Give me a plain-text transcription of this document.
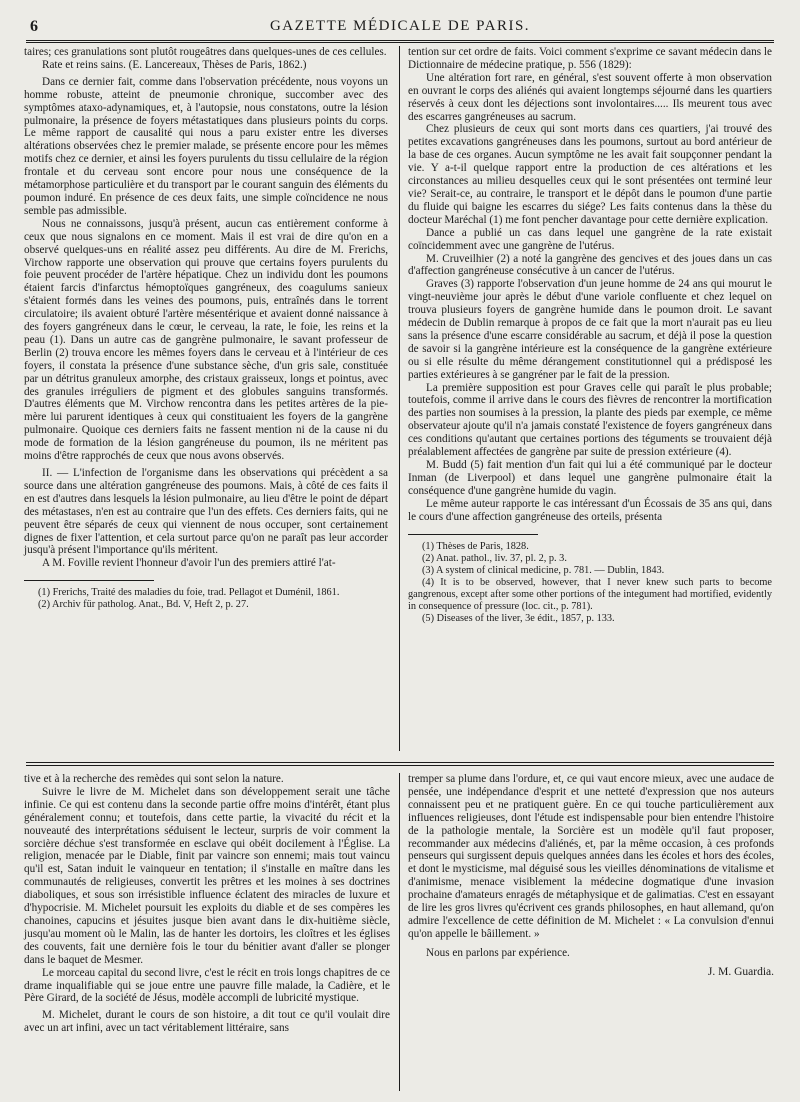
6	GAZETTE MÉDICALE DE PARIS.

taires; ces granulations sont plutôt rougeâtres dans quelques-unes de ces cellules.

Rate et reins sains. (E. Lancereaux, Thèses de Paris, 1862.)

Dans ce dernier fait, comme dans l'observation précédente, nous voyons un homme robuste, atteint de pneumonie chronique, succomber avec des symptômes ataxo-adynamiques, et, à l'autopsie, nous constatons, outre la lésion pulmonaire, la présence de foyers métastatiques dans plusieurs points du corps. Le même rapport de causalité qui nous a paru exister entre les diverses altérations observées chez le premier malade, se présente encore pour les mêmes motifs chez ce dernier, et ainsi les foyers purulents du tissu cellulaire de la région frontale et du cerveau sont encore pour nous une conséquence de la métamorphose particulière et du transport par le courant sanguin des éléments du poumon induré. En présence de ces deux faits, une simple coïncidence ne nous semble pas admissible.

Nous ne connaissons, jusqu'à présent, aucun cas entièrement conforme à ceux que nous signalons en ce moment. Mais il est vrai de dire qu'on en a observé quelques-uns en réalité assez peu différents. Au dire de M. Frerichs, Virchow rapporte une observation qui prouve que certains foyers purulents du foie peuvent procéder de l'artère hépatique. Chez un individu dont les poumons étaient farcis d'infarctus hémoptoïques gangréneux, des coagulums sanieux s'étaient formés dans les veines des poumons, puis, entraînés dans le torrent circulatoire; ils avaient obturé l'artère mésentérique et avaient donné naissance à des foyers gangréneux dans le cœur, le cerveau, la rate, le foie, les reins et la peau (1). Dans un autre cas de gangrène pulmonaire, le savant professeur de Berlin (2) trouva encore les mêmes foyers dans le cerveau et à l'intérieur de ces foyers, il constata la présence d'une substance sèche, d'un gris sale, constituée par un détritus granuleux amorphe, des cristaux graisseux, longs et pointus, avec des granules irréguliers de pigment et des globules sanguins transformés. D'autres éléments que M. Virchow rencontra dans les petites artères de la pie-mère lui parurent identiques à ceux qui constituaient les foyers de la gangrène pulmonaire. Quoique ces derniers faits ne fassent mention ni de la cause ni du mode de formation de la lésion gangréneuse du poumon, ils ne méritent pas moins d'être rapprochés de ceux que nous avons observés.

II. — L'infection de l'organisme dans les observations qui précèdent a sa source dans une altération gangréneuse des poumons. Mais, à côté de ces faits il en est d'autres dans lesquels la lésion pulmonaire, au lieu d'être le point de départ des métastases, n'en est au contraire que l'un des effets. Ces derniers faits, qui ne peuvent être séparés de ceux qui viennent de nous occuper, sont certainement dignes de fixer l'attention, et cela surtout parce qu'on ne paraît pas leur accorder jusqu'à présent l'importance qu'ils méritent.

A M. Foville revient l'honneur d'avoir l'un des premiers attiré l'at-

(1) Frerichs, Traité des maladies du foie, trad. Pellagot et Duménil, 1861.

(2) Archiv für patholog. Anat., Bd. V, Heft 2, p. 27.

tention sur cet ordre de faits. Voici comment s'exprime ce savant médecin dans le Dictionnaire de médecine pratique, p. 556 (1829):

Une altération fort rare, en général, s'est souvent offerte à mon observation en ouvrant le corps des aliénés qui avaient longtemps séjourné dans les quartiers réservés à ceux dont les déjections sont involontaires..... Ils meurent tous avec des escarres gangréneuses au sacrum.

Chez plusieurs de ceux qui sont morts dans ces quartiers, j'ai trouvé des petites excavations gangréneuses dans les poumons, surtout au bord antérieur de la base de ces organes. Aucun symptôme ne les avait fait soupçonner pendant la vie. Y a-t-il quelque rapport entre la production de ces altérations et les circonstances au milieu desquelles ceux qui le sont présentées ont terminé leur vie? Serait-ce, au contraire, le transport et le dépôt dans le poumon d'une partie du fluide qui baigne les escarres du siége? Les faits contenus dans la thèse du docteur Maréchal (1) me font pencher davantage pour cette dernière explication.

Dance a publié un cas dans lequel une gangrène de la rate existait coïncidemment avec une gangrène de l'utérus.

M. Cruveilhier (2) a noté la gangrène des gencives et des joues dans un cas d'affection gangréneuse consécutive à un cancer de l'utérus.

Graves (3) rapporte l'observation d'un jeune homme de 24 ans qui mourut le vingt-neuvième jour après le début d'une variole confluente et chez lequel on trouva plusieurs foyers de gangrène humide dans le poumon droit. Le savant médecin de Dublin remarque à propos de ce fait que la mort n'aurait pas eu lieu sans la présence d'une escarre considérable au sacrum, et déjà il pose la question de savoir si la gangrène intérieure est la conséquence de la gangrène extérieure ou si elle résulte du même dérangement constitutionnel qui a prédisposé les parties extérieures à se gangréner par le fait de la pression.

La première supposition est pour Graves celle qui paraît le plus probable; toutefois, comme il arrive dans le cours des fièvres de rencontrer la mortification des parties non soumises à la pression, la plante des pieds par exemple, ce même observateur ajoute qu'il n'a jamais constaté l'existence de foyers gangréneux dans ces conditions qu'autant que certaines portions des téguments se trouvaient déjà préalablement affectées de gangrène par suite de pression extérieure (4).

M. Budd (5) fait mention d'un fait qui lui a été communiqué par le docteur Inman (de Liverpool) et dans lequel une gangrène pulmonaire était la conséquence d'une gangrène humide du vagin.

Le même auteur rapporte le cas intéressant d'un Écossais de 35 ans qui, dans le cours d'une affection gangréneuse des orteils, présenta

(1) Thèses de Paris, 1828.

(2) Anat. pathol., liv. 37, pl. 2, p. 3.

(3) A system of clinical medicine, p. 781. — Dublin, 1843.

(4) It is to be observed, however, that I never knew such parts to become gangrenous, except after some other portions of the integument had mortified, evidently in consequence of pressure (loc. cit., p. 781).

(5) Diseases of the liver, 3e édit., 1857, p. 133.

tive et à la recherche des remèdes qui sont selon la nature.

Suivre le livre de M. Michelet dans son développement serait une tâche infinie. Ce qui est contenu dans la seconde partie offre moins d'intérêt, étant plus généralement connu; et toutefois, dans cette partie, la vivacité du récit et la nouveauté des interprétations séduisent le lecteur, surpris de voir comment la sorcière déchue s'est transformée en esclave qui obéit docilement à l'Église. La religion, menacée par le Diable, finit par vaincre son ennemi; mais tout vaincu qu'il est, Satan induit le vainqueur en tentation; il s'installe en maître dans les communautés de religieuses, convertit les prêtres et les moines à ses doctrines diaboliques, et sous son irrésistible influence éclatent des miracles de luxure et d'hypocrisie. M. Michelet poursuit les exploits du diable et de ses compères les chanoines, capucins et jésuites jusque bien avant dans le dix-huitième siècle, jusqu'au moment où le Malin, las de hanter les dortoirs, les cloîtres et les églises des couvents, fait une dernière fois le tour du bénitier avant d'aller se plonger dans le baquet de Mesmer.

Le morceau capital du second livre, c'est le récit en trois longs chapitres de ce drame inqualifiable qui se joue entre une pauvre fille malade, la Cadière, et le Père Girard, de la société de Jésus, modèle accompli de lubricité mystique.

M. Michelet, durant le cours de son histoire, a dit tout ce qu'il voulait dire avec un art infini, avec un tact véritablement littéraire, sans

tremper sa plume dans l'ordure, et, ce qui vaut encore mieux, avec une audace de pensée, une indépendance d'esprit et une netteté d'expression que nos auteurs connaissent peu et ne pratiquent guère. En ce qui touche particulièrement aux influences religieuses, dont l'étude est indispensable pour bien entendre l'histoire de la pathologie mentale, la Sorcière est un modèle qu'il faut proposer, recommander aux médecins d'aliénés, et, par la même occasion, à ces profonds penseurs qui surgissent depuis quelques années dans les écoles et hors des écoles, et dont le mysticisme, mal déguisé sous les vieilles dénominations de vitalisme et d'animisme, menace visiblement la médecine dogmatique d'une invasion prochaine d'amateurs enragés de métaphysique et de galimatias. C'est en essayant de lire les gros livres qu'écrivent ces grands philosophes, en haut allemand, qu'on admire l'excellence de cette définition de M. Michelet : « La convulsion d'ennui qu'on appelle le bâillement. »

Nous en parlons par expérience.

J. M. Guardia.
